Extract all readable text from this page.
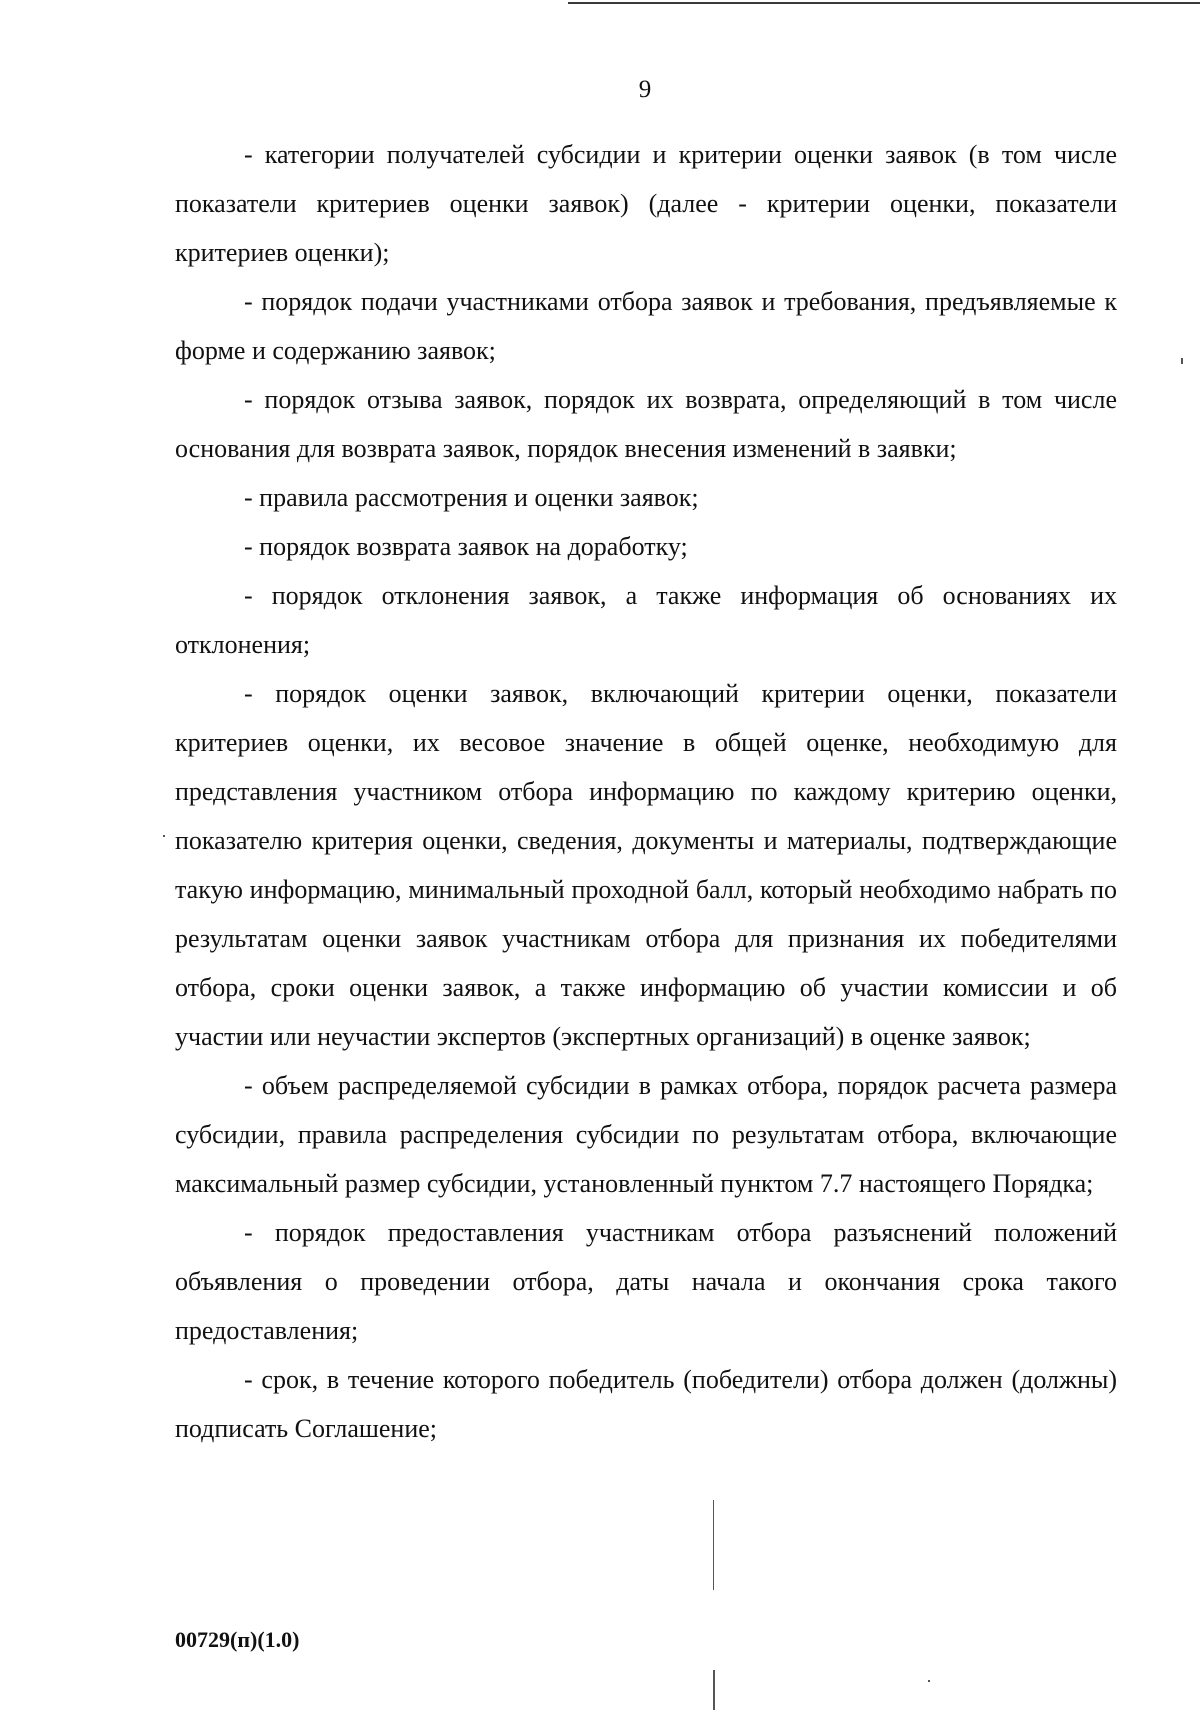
9

- категории получателей субсидии и критерии оценки заявок (в том числе показатели критериев оценки заявок) (далее - критерии оценки, показатели критериев оценки);

- порядок подачи участниками отбора заявок и требования, предъявляемые к форме и содержанию заявок;

- порядок отзыва заявок, порядок их возврата, определяющий в том числе основания для возврата заявок, порядок внесения изменений в заявки;

- правила рассмотрения и оценки заявок;

- порядок возврата заявок на доработку;

- порядок отклонения заявок, а также информация об основаниях их отклонения;

- порядок оценки заявок, включающий критерии оценки, показатели критериев оценки, их весовое значение в общей оценке, необходимую для представления участником отбора информацию по каждому критерию оценки, показателю критерия оценки, сведения, документы и материалы, подтверждающие такую информацию, минимальный проходной балл, который необходимо набрать по результатам оценки заявок участникам отбора для признания их победителями отбора, сроки оценки заявок, а также информацию об участии комиссии и об участии или неучастии экспертов (экспертных организаций) в оценке заявок;

- объем распределяемой субсидии в рамках отбора, порядок расчета размера субсидии, правила распределения субсидии по результатам отбора, включающие максимальный размер субсидии, установленный пунктом 7.7 настоящего Порядка;

- порядок предоставления участникам отбора разъяснений положений объявления о проведении отбора, даты начала и окончания срока такого предоставления;

- срок, в течение которого победитель (победители) отбора должен (должны) подписать Соглашение;

00729(п)(1.0)
